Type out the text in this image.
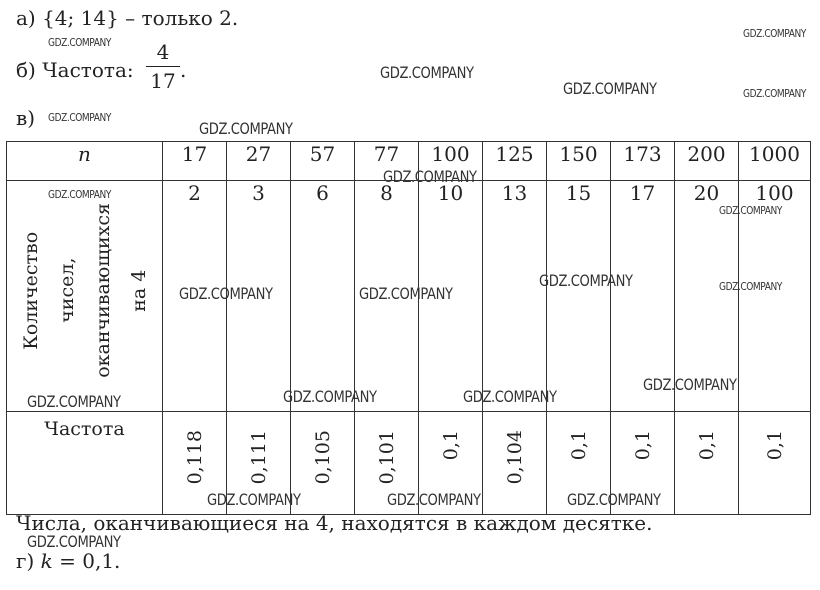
а) {4; 14} – только 2.
б) Частота:
4
17 .
в)
n	17	27	57	77	100	125	150	173	200	1000
Количество чисел, оканчивающихся на 4	2	3	6	8	10	13	15	17	20	100
Частота	0,118	0,111	0,105	0,101	0,1	0,104	0,1	0,1	0,1	0,1
Числа, оканчивающиеся на 4, находятся в каждом десятке.
г) k = 0,1.
GDZ.COMPANY
GDZ.COMPANY
GDZ.COMPANY
GDZ.COMPANY	GDZ.COMPANY
GDZ.COMPANY
GDZ.COMPANY
GDZ.COMPANY
GDZ.COMPANY
GDZ.COMPANY
GDZ.COMPANY	GDZ.COMPANY
GDZ.COMPANY	GDZ.COMPANY
GDZ.COMPANY
GDZ.COMPANY	GDZ.COMPANY	GDZ.COMPANY
GDZ.COMPANY	GDZ.COMPANY	GDZ.COMPANY
GDZ.COMPANY
